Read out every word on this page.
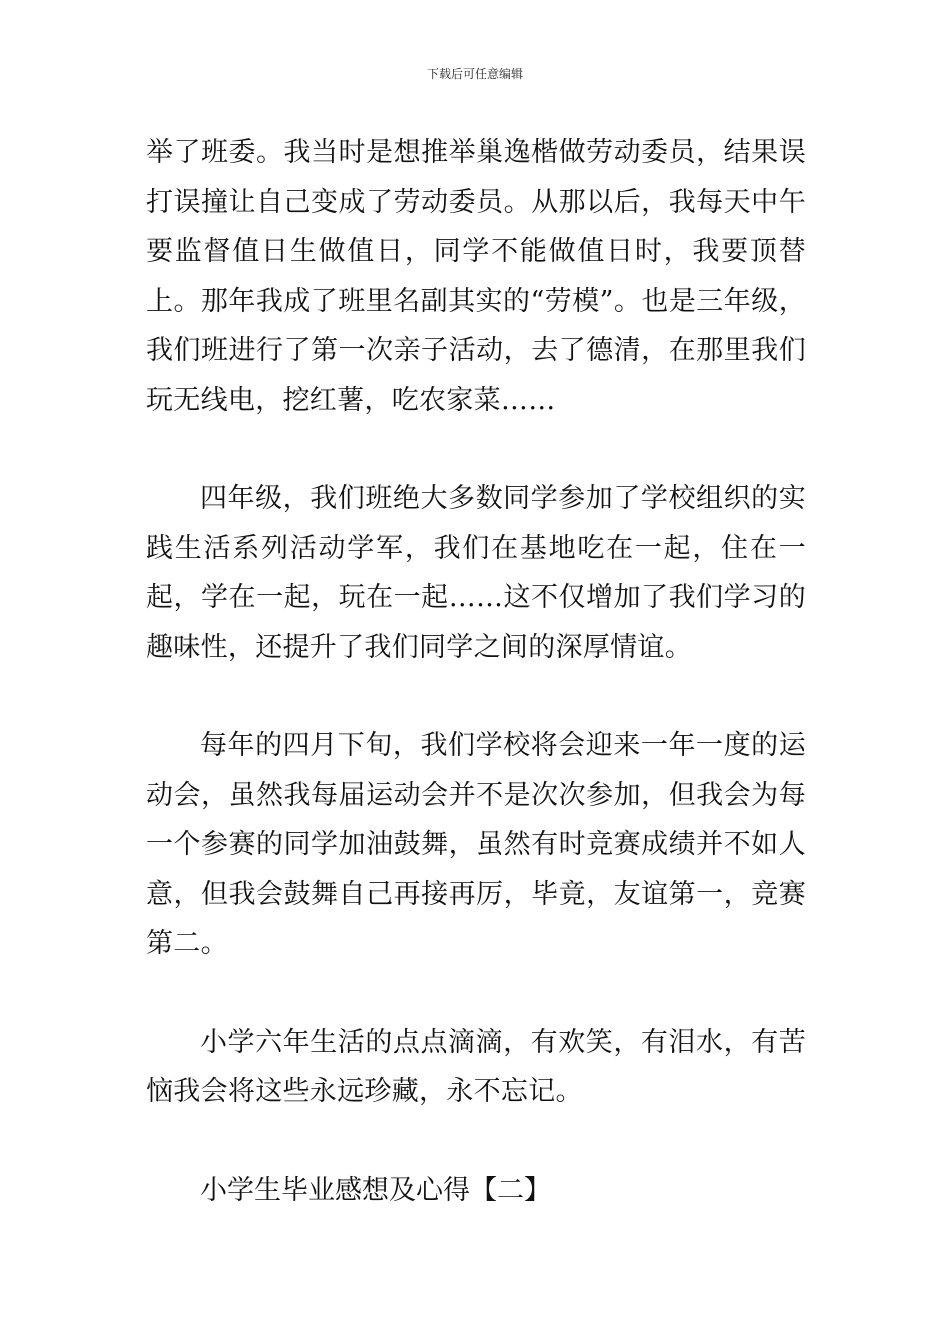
下载后可任意编辑

举了班委。我当时是想推举巢逸楷做劳动委员，结果误打误撞让自己变成了劳动委员。从那以后，我每天中午要监督值日生做值日，同学不能做值日时，我要顶替上。那年我成了班里名副其实的“劳模”。也是三年级，我们班进行了第一次亲子活动，去了德清，在那里我们玩无线电，挖红薯，吃农家菜……

四年级，我们班绝大多数同学参加了学校组织的实践生活系列活动学军，我们在基地吃在一起，住在一起，学在一起，玩在一起……这不仅增加了我们学习的趣味性，还提升了我们同学之间的深厚情谊。

每年的四月下旬，我们学校将会迎来一年一度的运动会，虽然我每届运动会并不是次次参加，但我会为每一个参赛的同学加油鼓舞，虽然有时竞赛成绩并不如人意，但我会鼓舞自己再接再厉，毕竟，友谊第一，竞赛第二。

小学六年生活的点点滴滴，有欢笑，有泪水，有苦恼我会将这些永远珍藏，永不忘记。

小学生毕业感想及心得【二】
